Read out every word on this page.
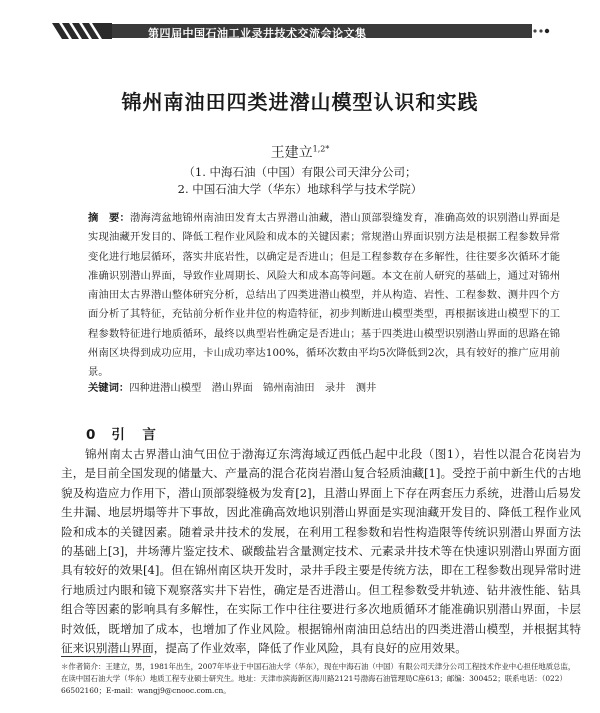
第四届中国石油工业录井技术交流会论文集
锦州南油田四类进潜山模型认识和实践
王建立$^{1,2*}$
（1. 中海石油（中国）有限公司天津分公司；
2. 中国石油大学（华东）地球科学与技术学院）
摘　要：渤海湾盆地锦州南油田发育太古界潜山油藏，潜山顶部裂缝发育，准确高效的识别潜山界面是实现油藏开发目的、降低工程作业风险和成本的关键因素；常规潜山界面识别方法是根据工程参数异常变化进行地层循环，落实井底岩性，以确定是否进山；但是工程参数存在多解性，往往要多次循环才能准确识别潜山界面，导致作业周期长、风险大和成本高等问题。本文在前人研究的基础上，通过对锦州南油田太古界潜山整体研究分析，总结出了四类进潜山模型，并从构造、岩性、工程参数、测井四个方面分析了其特征，充钻前分析作业井位的构造特征，初步判断进山模型类型，再根据该进山模型下的工程参数特征进行地质循环，最终以典型岩性确定是否进山；基于四类进山模型识别潜山界面的思路在锦州南区块得到成功应用，卡山成功率达100%，循环次数由平均5次降低到2次，具有较好的推广应用前景。
关键词：四种进潜山模型　 潜山界面　 锦州南油田　 录井　 测井
0 引　言
锦州南太古界潜山油气田位于渤海辽东湾海域辽西低凸起中北段（图1），岩性以混合花岗岩为主，是目前全国发现的储量大、产量高的混合花岗岩潜山复合轻质油藏[1]。受控于前中新生代的古地貌及构造应力作用下，潜山顶部裂缝极为发育[2]，且潜山界面上下存在两套压力系统，进潜山后易发生井漏、地层坍塌等井下事故，因此准确高效地识别潜山界面是实现油藏开发目的、降低工程作业风险和成本的关键因素。随着录井技术的发展，在利用工程参数和岩性构造限等传统识别潜山界面方法的基础上[3]，井场薄片鉴定技术、碳酸盐岩含量测定技术、元素录井技术等在快速识别潜山界面方面具有较好的效果[4]。但在锦州南区块开发时，录井手段主要是传统方法，即在工程参数出现异常时进行地质过内眼和镜下观察落实井下岩性，确定是否进潜山。但工程参数受井轨迹、钻井液性能、钻具组合等因素的影响具有多解性，在实际工作中往往要进行多次地质循环才能准确识别潜山界面，卡层时效低，既增加了成本，也增加了作业风险。根据锦州南油田总结出的四类进潜山模型，并根据其特征来识别潜山界面，提高了作业效率，降低了作业风险，具有良好的应用效果。
＊作者简介：王建立，男，1981年出生，2007年毕业于中国石油大学（华东），现在中海石油（中国）有限公司天津分公司工程技术作业中心担任地质总监，在读中国石油大学（华东）地质工程专业硕士研究生。地址：天津市滨海新区海川路2121号渤海石油管理局C座613；邮编：300452；联系电话：（022）66502160；E-mail：wangj9@cnooc.com.cn。
